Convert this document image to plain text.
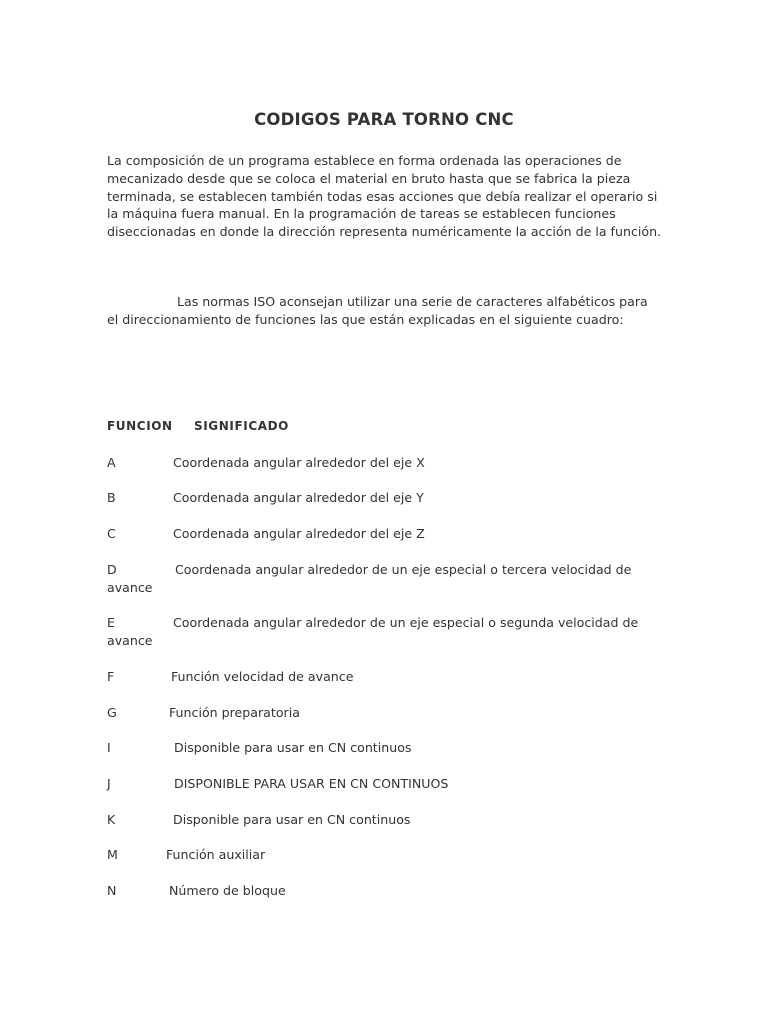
CODIGOS PARA TORNO CNC
La composición de un programa establece en forma ordenada las operaciones de
mecanizado desde que se coloca el material en bruto hasta que se fabrica la pieza
terminada, se establecen también todas esas acciones que debía realizar el operario si
la máquina fuera manual. En la programación de tareas se establecen funciones
diseccionadas en donde la dirección representa numéricamente la acción de la función.
Las normas ISO aconsejan utilizar una serie de caracteres alfabéticos para
el direccionamiento de funciones las que están explicadas en el siguiente cuadro:
FUNCION SIGNIFICADO
A	Coordenada angular alrededor del eje X
B	Coordenada angular alrededor del eje Y
C	Coordenada angular alrededor del eje Z
D	Coordenada angular alrededor de un eje especial o tercera velocidad de
avance
E	Coordenada angular alrededor de un eje especial o segunda velocidad de
avance
F	Función velocidad de avance
G	Función preparatoria
I	Disponible para usar en CN continuos
J	DISPONIBLE PARA USAR EN CN CONTINUOS
K	Disponible para usar en CN continuos
M	Función auxiliar
N	Número de bloque
